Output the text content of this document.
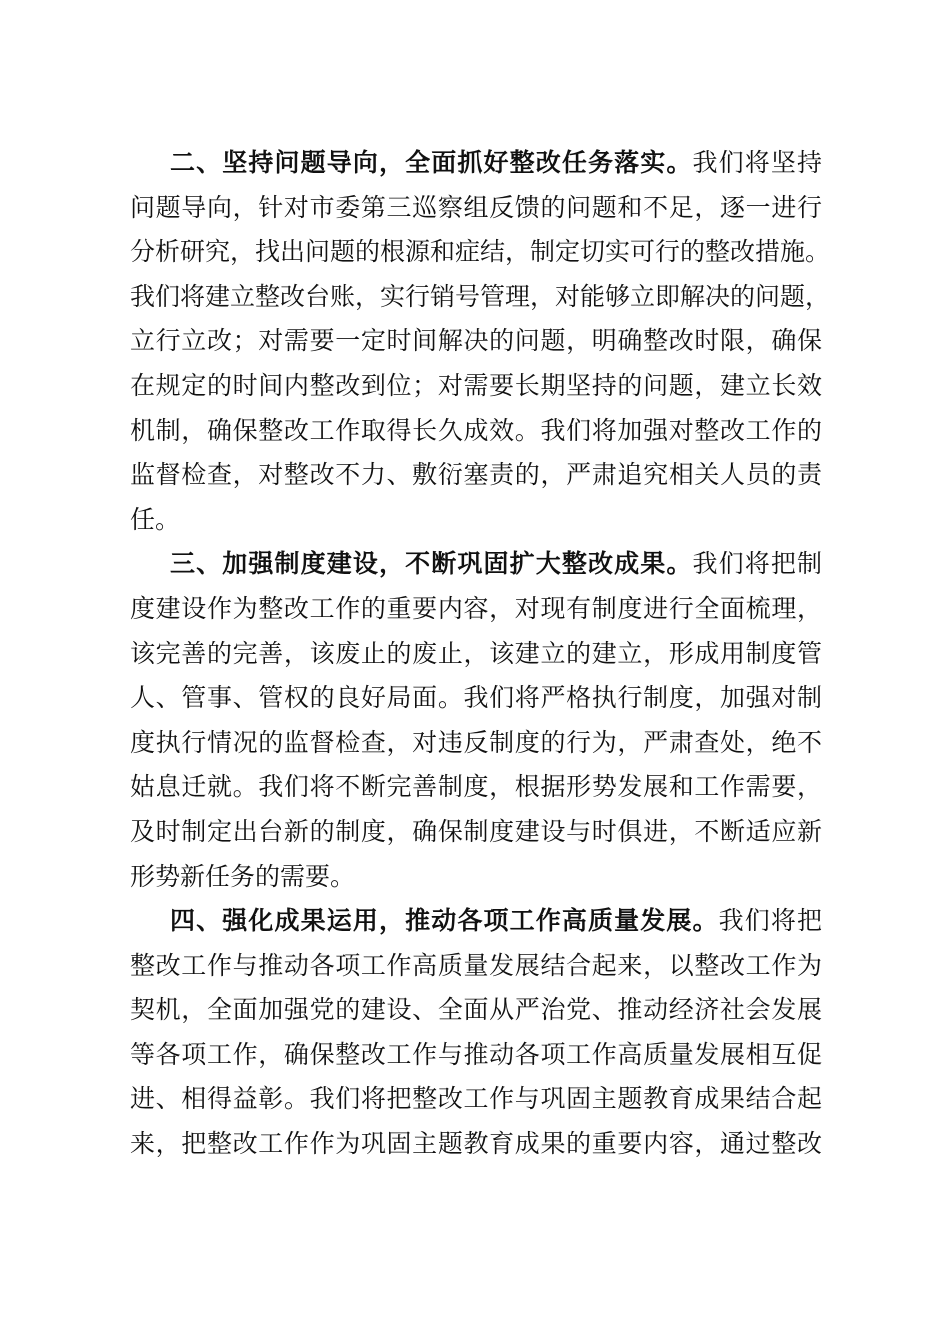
二、坚持问题导向，全面抓好整改任务落实。我们将坚持
问题导向，针对市委第三巡察组反馈的问题和不足，逐一进行
分析研究，找出问题的根源和症结，制定切实可行的整改措施。
我们将建立整改台账，实行销号管理，对能够立即解决的问题，
立行立改；对需要一定时间解决的问题，明确整改时限，确保
在规定的时间内整改到位；对需要长期坚持的问题，建立长效
机制，确保整改工作取得长久成效。我们将加强对整改工作的
监督检查，对整改不力、敷衍塞责的，严肃追究相关人员的责
任。
三、加强制度建设，不断巩固扩大整改成果。我们将把制
度建设作为整改工作的重要内容，对现有制度进行全面梳理，
该完善的完善，该废止的废止，该建立的建立，形成用制度管
人、管事、管权的良好局面。我们将严格执行制度，加强对制
度执行情况的监督检查，对违反制度的行为，严肃查处，绝不
姑息迁就。我们将不断完善制度，根据形势发展和工作需要，
及时制定出台新的制度，确保制度建设与时俱进，不断适应新
形势新任务的需要。
四、强化成果运用，推动各项工作高质量发展。我们将把
整改工作与推动各项工作高质量发展结合起来，以整改工作为
契机，全面加强党的建设、全面从严治党、推动经济社会发展
等各项工作，确保整改工作与推动各项工作高质量发展相互促
进、相得益彰。我们将把整改工作与巩固主题教育成果结合起
来，把整改工作作为巩固主题教育成果的重要内容，通过整改
